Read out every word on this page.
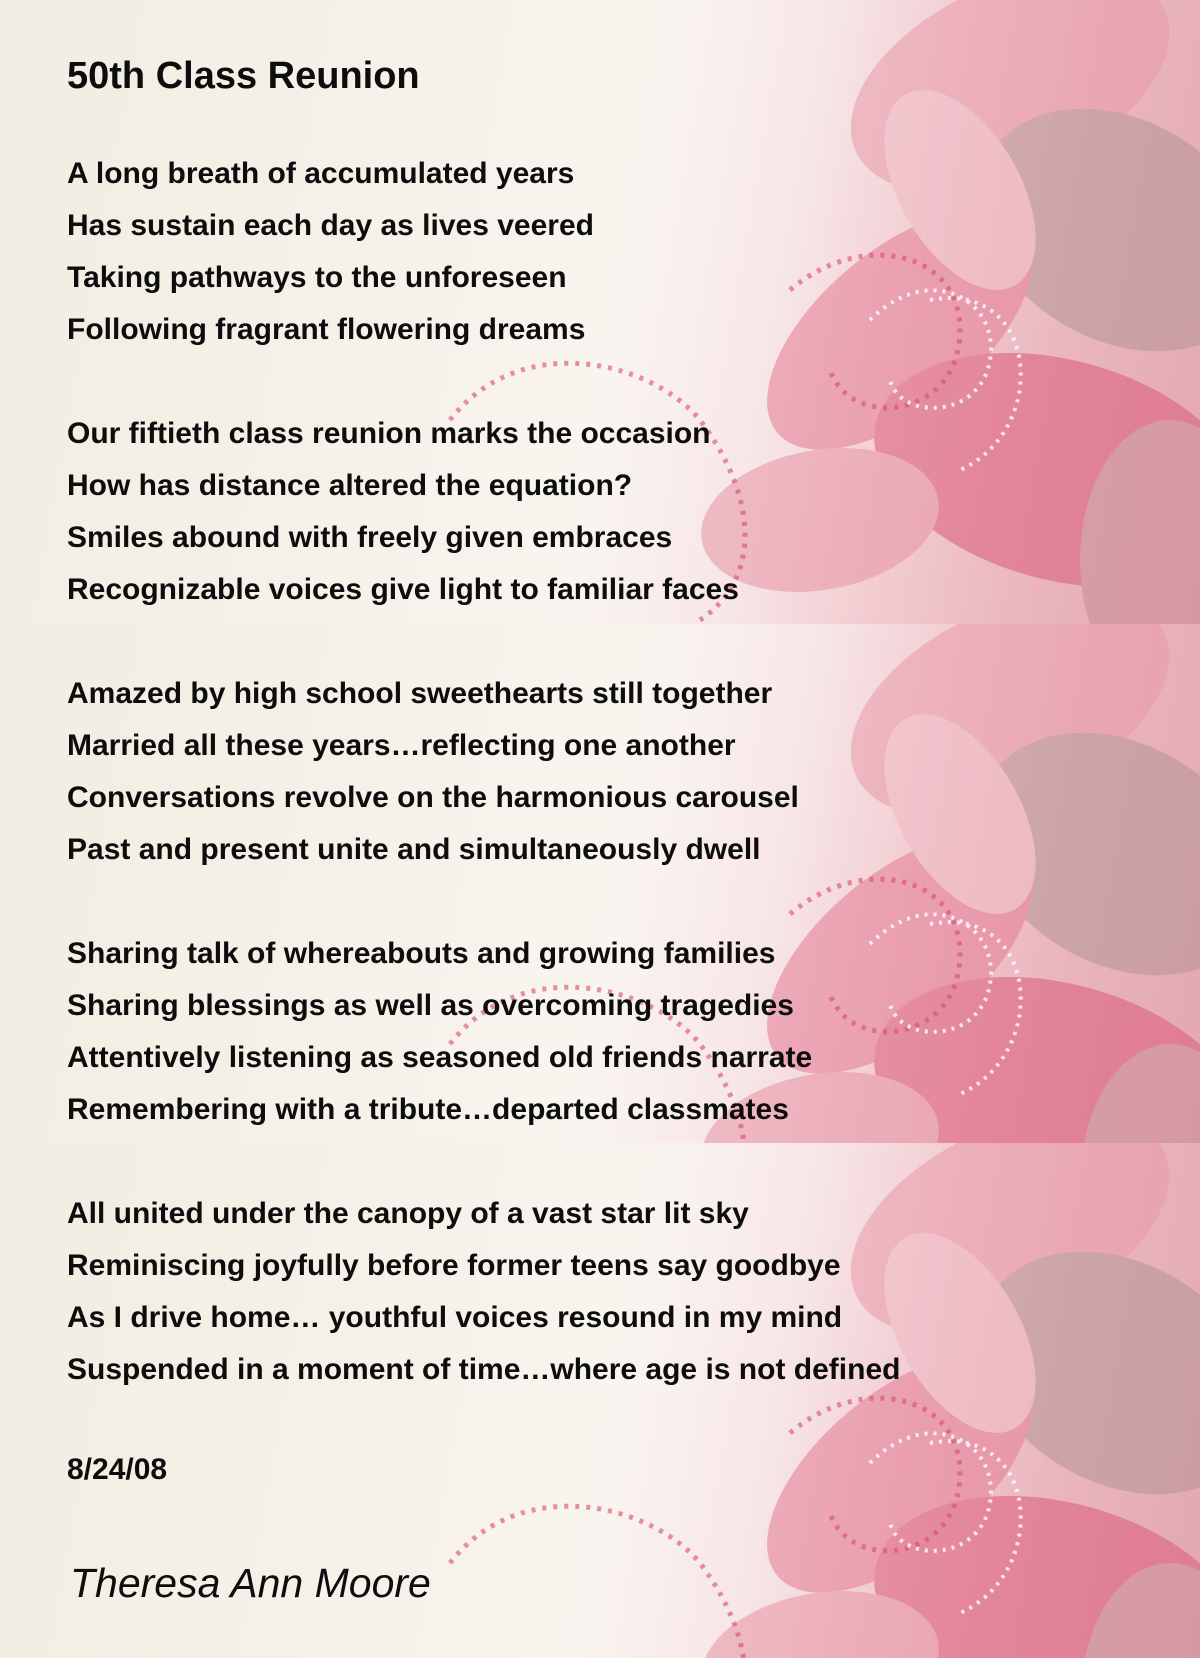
50th Class Reunion
A long breath of accumulated years
Has sustain each day as lives veered
Taking pathways to the unforeseen
Following fragrant flowering dreams
Our fiftieth class reunion marks the occasion
How has distance altered the equation?
Smiles abound with freely given embraces
Recognizable voices give light to familiar faces
Amazed by high school sweethearts still together
Married all these years…reflecting one another
Conversations revolve on the harmonious carousel
Past and present unite and simultaneously dwell
Sharing talk of whereabouts and growing families
Sharing blessings as well as overcoming tragedies
Attentively listening as seasoned old friends narrate
Remembering with a tribute…departed classmates
All united under the canopy of a vast star lit sky
Reminiscing joyfully before former teens say goodbye
As I drive home… youthful voices resound in my mind
Suspended in a moment of time…where age is not defined
8/24/08
Theresa Ann Moore
